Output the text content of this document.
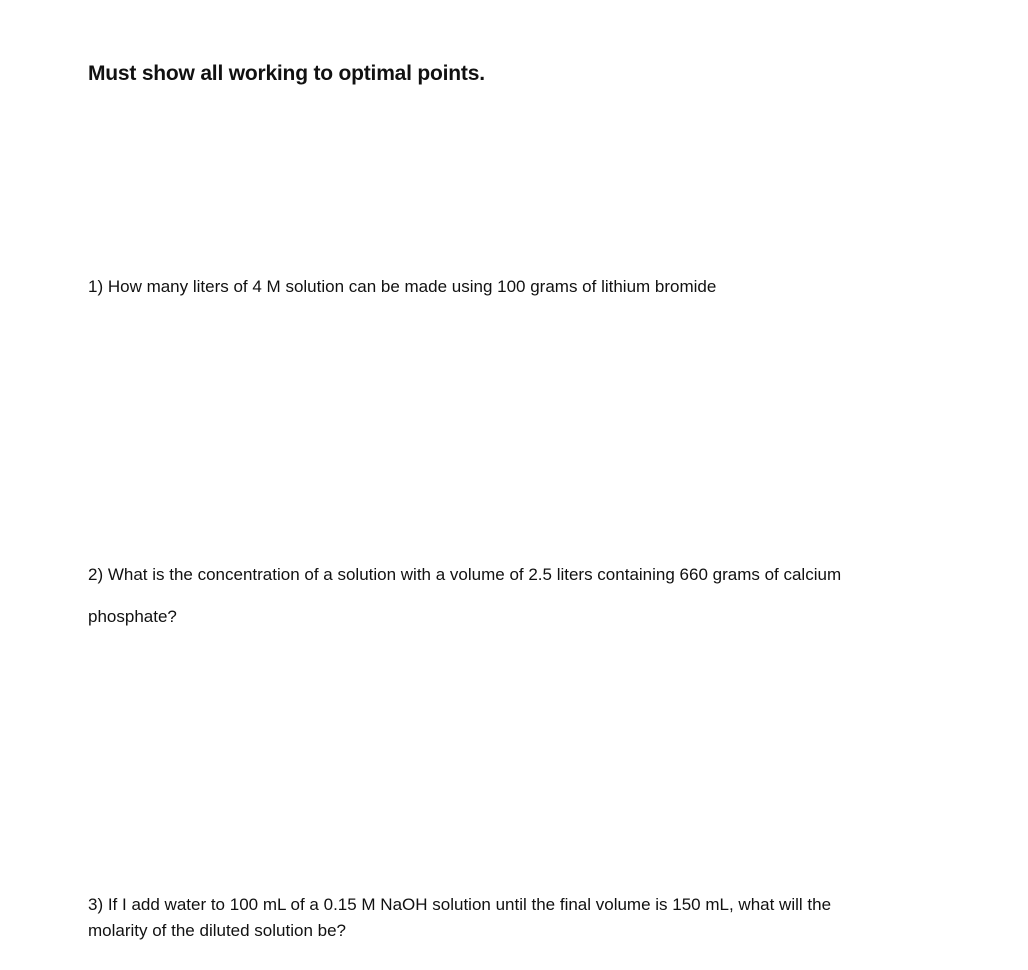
Must show all working to optimal points.
1) How many liters of 4 M solution can be made using 100 grams of lithium bromide
2) What is the concentration of a solution with a volume of 2.5 liters containing 660 grams of calcium
phosphate?
3) If I add water to 100 mL of a 0.15 M NaOH solution until the final volume is 150 mL, what will the
molarity of the diluted solution be?
